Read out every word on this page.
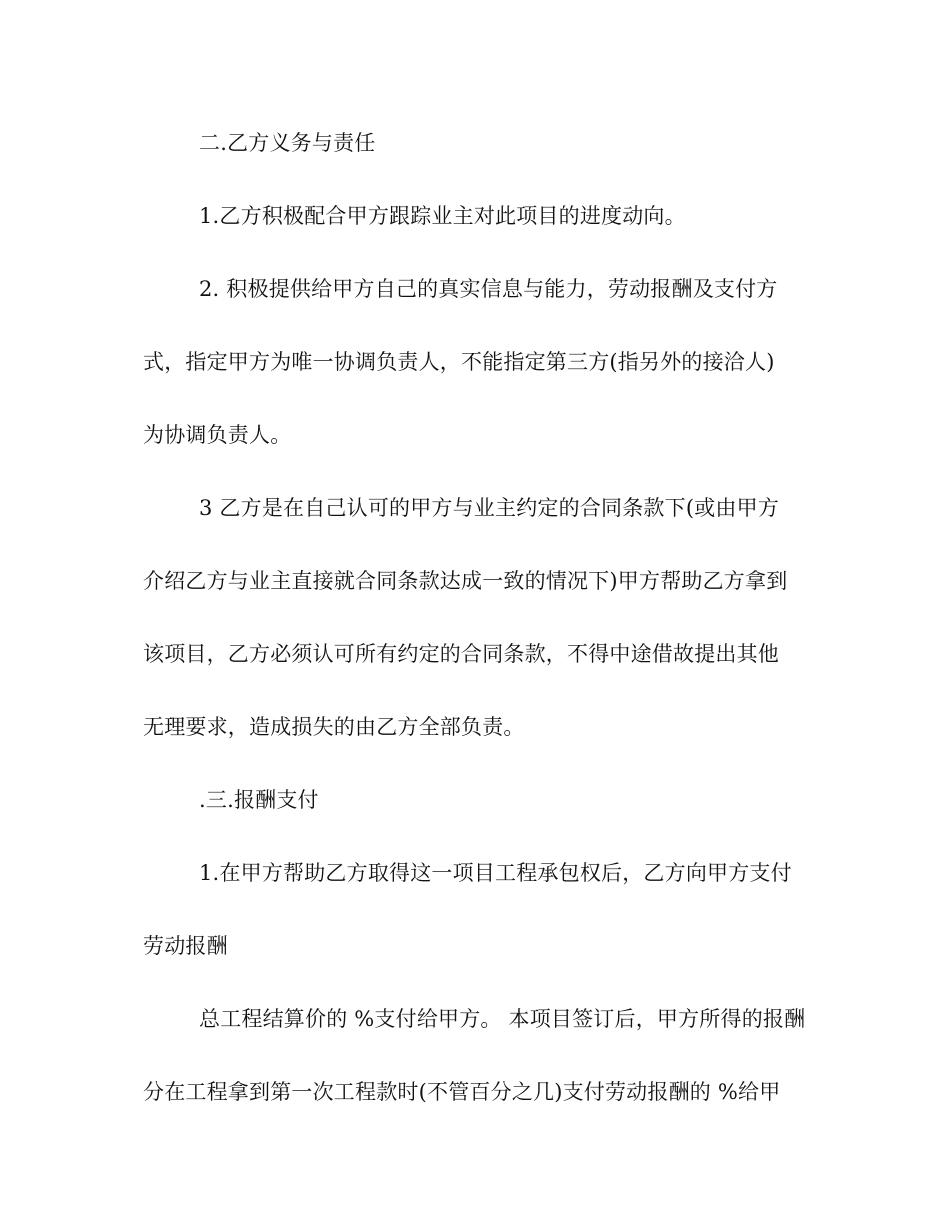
二.乙方义务与责任
1.乙方积极配合甲方跟踪业主对此项目的进度动向。
2. 积极提供给甲方自己的真实信息与能力，劳动报酬及支付方
式，指定甲方为唯一协调负责人，不能指定第三方(指另外的接洽人)
为协调负责人。
3 乙方是在自己认可的甲方与业主约定的合同条款下(或由甲方
介绍乙方与业主直接就合同条款达成一致的情况下)甲方帮助乙方拿到
该项目，乙方必须认可所有约定的合同条款，不得中途借故提出其他
无理要求，造成损失的由乙方全部负责。
.三.报酬支付
1.在甲方帮助乙方取得这一项目工程承包权后，乙方向甲方支付
劳动报酬
总工程结算价的 %支付给甲方。 本项目签订后，甲方所得的报酬
分在工程拿到第一次工程款时(不管百分之几)支付劳动报酬的 %给甲
